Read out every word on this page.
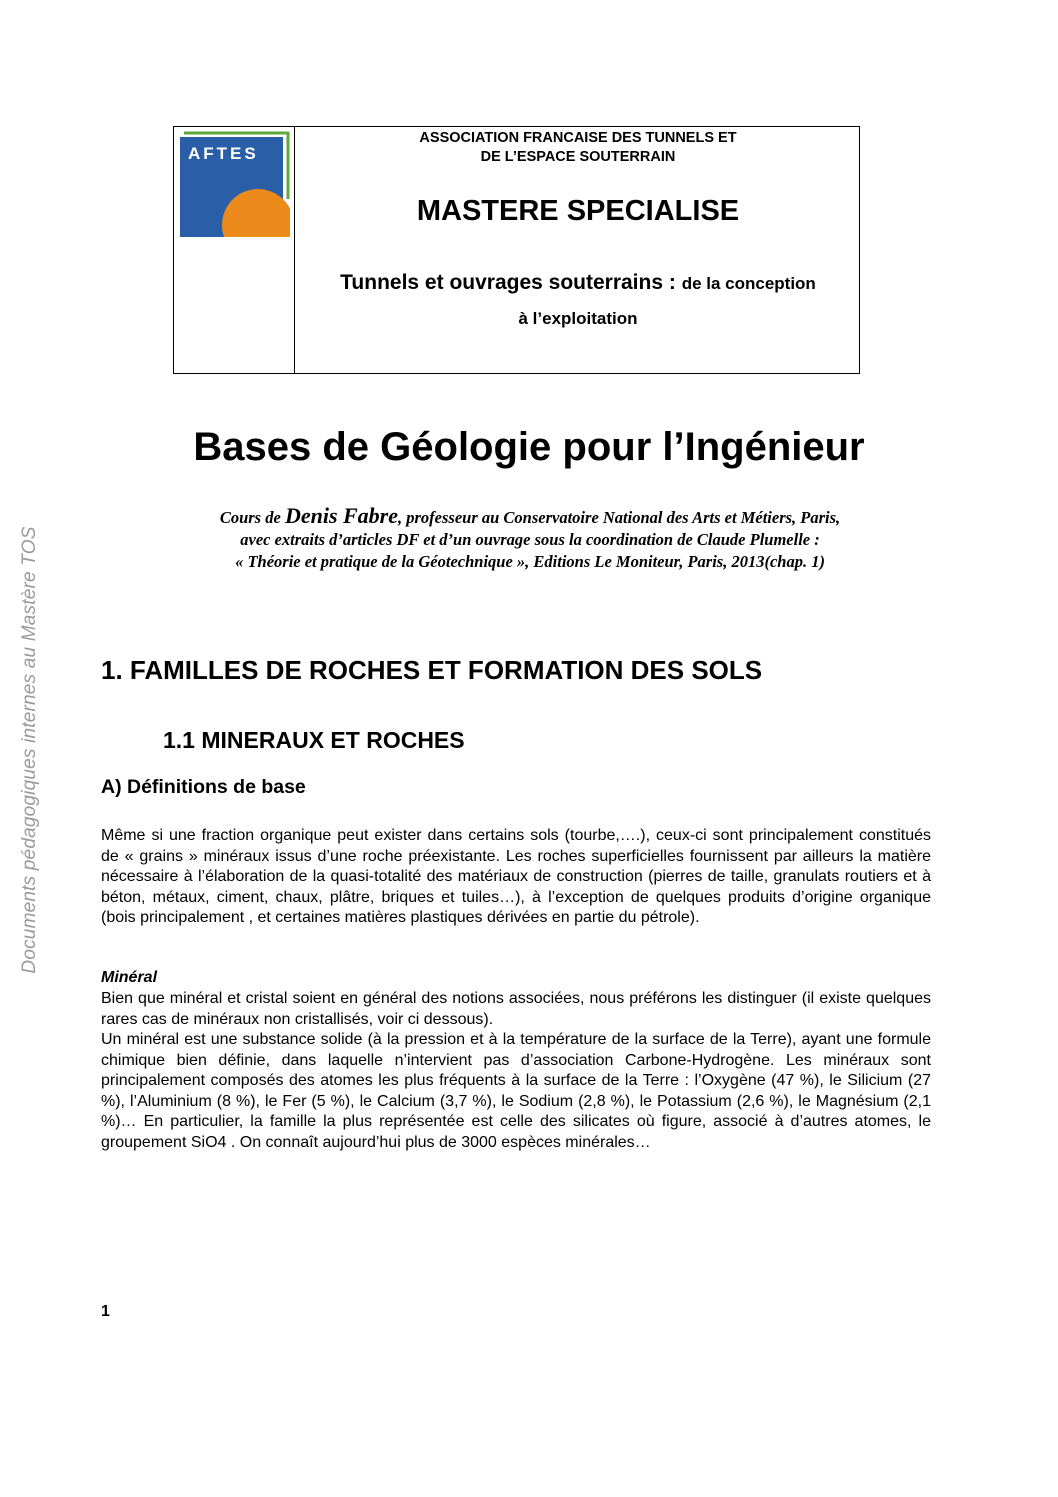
Documents pédagogiques internes au Mastère TOS
AFTES
ASSOCIATION FRANCAISE DES TUNNELS ET
DE L’ESPACE SOUTERRAIN
MASTERE SPECIALISE
Tunnels et ouvrages souterrains : de la conception
à l’exploitation
Bases de Géologie pour l’Ingénieur
Cours de Denis Fabre, professeur au Conservatoire National des Arts et Métiers, Paris,
avec extraits d’articles DF et d’un ouvrage sous la coordination de Claude Plumelle :
« Théorie et pratique de la Géotechnique », Editions Le Moniteur, Paris, 2013(chap. 1)
1. FAMILLES DE ROCHES ET FORMATION DES SOLS
1.1 MINERAUX ET ROCHES
A) Définitions de base

Même si une fraction organique peut exister dans certains sols (tourbe,….), ceux-ci sont principalement constitués de « grains » minéraux issus d’une roche préexistante. Les roches superficielles fournissent par ailleurs la matière nécessaire à l’élaboration de la quasi-totalité des matériaux de construction (pierres de taille, granulats routiers et à béton, métaux, ciment, chaux, plâtre, briques et tuiles…), à l’exception de quelques produits d’origine organique (bois principalement , et certaines matières plastiques dérivées en partie du pétrole).

Minéral

Bien que minéral et cristal soient en général des notions associées, nous préférons les distinguer (il existe quelques rares cas de minéraux non cristallisés, voir ci dessous).

Un minéral est une substance solide (à la pression et à la température de la surface de la Terre), ayant une formule chimique bien définie, dans laquelle n’intervient pas d’association Carbone-Hydrogène. Les minéraux sont principalement composés des atomes les plus fréquents à la surface de la Terre : l’Oxygène (47 %), le Silicium (27 %), l’Aluminium (8 %), le Fer (5 %), le Calcium (3,7 %), le Sodium (2,8 %), le Potassium (2,6 %), le Magnésium (2,1 %)… En particulier, la famille la plus représentée est celle des silicates où figure, associé à d’autres atomes, le groupement SiO4 . On connaît aujourd’hui plus de 3000 espèces minérales…

1
